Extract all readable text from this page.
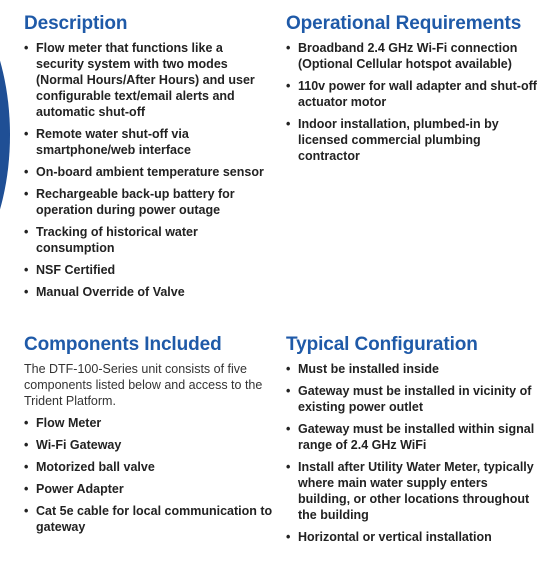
Description
• Flow meter that functions like a security system with two modes (Normal Hours/After Hours) and user configurable text/email alerts and automatic shut-off
• Remote water shut-off via smartphone/web interface
• On-board ambient temperature sensor
• Rechargeable back-up battery for operation during power outage
• Tracking of historical water consumption
• NSF Certified
• Manual Override of Valve
Operational Requirements
• Broadband 2.4 GHz Wi-Fi connection (Optional Cellular hotspot available)
• 110v power for wall adapter and shut-off actuator motor
• Indoor installation, plumbed-in by licensed commercial plumbing contractor
Components Included

The DTF-100-Series unit consists of five components listed below and access to the Trident Platform.

• Flow Meter
• Wi-Fi Gateway
• Motorized ball valve
• Power Adapter
• Cat 5e cable for local communication to gateway
Typical Configuration
• Must be installed inside
• Gateway must be installed in vicinity of existing power outlet
• Gateway must be installed within signal range of 2.4 GHz WiFi
• Install after Utility Water Meter, typically where main water supply enters building, or other locations throughout the building
• Horizontal or vertical installation
